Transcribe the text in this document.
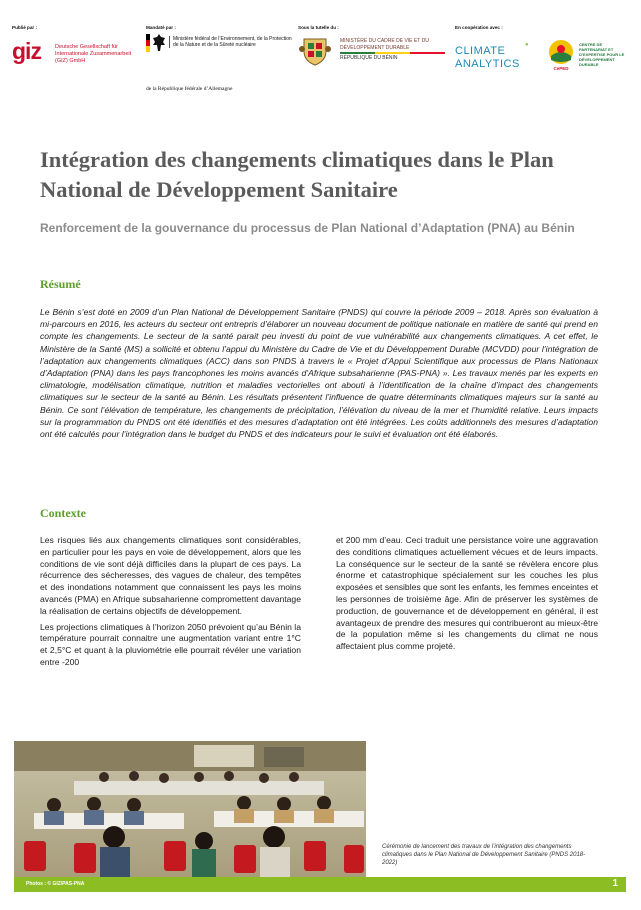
Publié par :
giz	Deutsche Gesellschaft für Internationale Zusammenarbeit (GIZ) GmbH
Mandaté par :
Ministère fédéral de l’Environnement, de la Protection de la Nature et de la Sûreté nucléaire
de la République fédérale d’Allemagne
Sous la tutelle du :
MINISTÈRE DU CADRE DE VIE ET DU DÉVELOPPEMENT DURABLE
RÉPUBLIQUE DU BÉNIN
En coopération avec :
CLIMATE ANALYTICS
●
CePED
CENTRE DE PARTENARIAT ET D’EXPERTISE POUR LE DÉVELOPPEMENT DURABLE
Intégration des changements climatiques dans le Plan National de Développement Sanitaire
Renforcement de la gouvernance du processus de Plan National d’Adaptation (PNA) au Bénin
Résumé

Le Bénin s’est doté en 2009 d’un Plan National de Développement Sanitaire (PNDS) qui couvre la période 2009 – 2018. Après son évaluation à mi-parcours en 2016, les acteurs du secteur ont entrepris d’élaborer un nouveau document de politique nationale en matière de santé qui prend en compte les changements. Le secteur de la santé parait peu investi du point de vue vulnérabilité aux changements climatiques. A cet effet, le Ministère de la Santé (MS) a sollicité et obtenu l’appui du Ministère du Cadre de Vie et du Développement Durable (MCVDD) pour l’intégration de l’adaptation aux changements climatiques (ACC) dans son PNDS à travers le « Projet d’Appui Scientifique aux processus de Plans Nationaux d’Adaptation (PNA) dans les pays francophones les moins avancés d’Afrique subsaharienne (PAS-PNA) ». Les travaux menés par les experts en climatologie, modélisation climatique, nutrition et maladies vectorielles ont abouti à l’identification de la chaîne d’impact des changements climatiques sur le secteur de la santé au Bénin. Les résultats présentent l’influence de quatre déterminants climatiques majeurs sur la santé au Bénin. Ce sont l’élévation de température, les changements de précipitation, l’élévation du niveau de la mer et l’humidité relative. Leurs impacts sur la programmation du PNDS ont été identifiés et des mesures d’adaptation ont été intégrées. Les coûts additionnels des mesures d’adaptation ont été calculés pour l’intégration dans le budget du PNDS et des indicateurs pour le suivi et évaluation ont été élaborés.

Contexte

Les risques liés aux changements climatiques sont considérables, en particulier pour les pays en voie de développement, alors que les conditions de vie sont déjà difficiles dans la plupart de ces pays. La récurrence des sécheresses, des vagues de chaleur, des tempêtes et des inondations notamment que connaissent les pays les moins avancés (PMA) en Afrique subsaharienne compromettent davantage la réalisation de certains objectifs de développement.

Les projections climatiques à l’horizon 2050 prévoient qu’au Bénin la température pourrait connaitre une augmentation variant entre 1°C et 2,5°C et quant à la pluviométrie elle pourrait révéler une variation entre -200

et 200 mm d’eau. Ceci traduit une persistance voire une aggravation des conditions climatiques actuellement vécues et de leurs impacts. La conséquence sur le secteur de la santé se révèlera encore plus énorme et catastrophique spécialement sur les couches les plus exposées et sensibles que sont les enfants, les femmes enceintes et les personnes de troisième âge. Afin de préserver les systèmes de production, de gouvernance et de développement en général, il est avantageux de prendre des mesures qui contribueront au mieux-être de la population même si les changements du climat ne nous affectaient plus comme projeté.

Cérémonie de lancement des travaux de l’intégration des changements climatiques dans le Plan National de Développement Sanitaire (PNDS 2018-2022)

Photos : © GIZ/PAS-PNA	1
